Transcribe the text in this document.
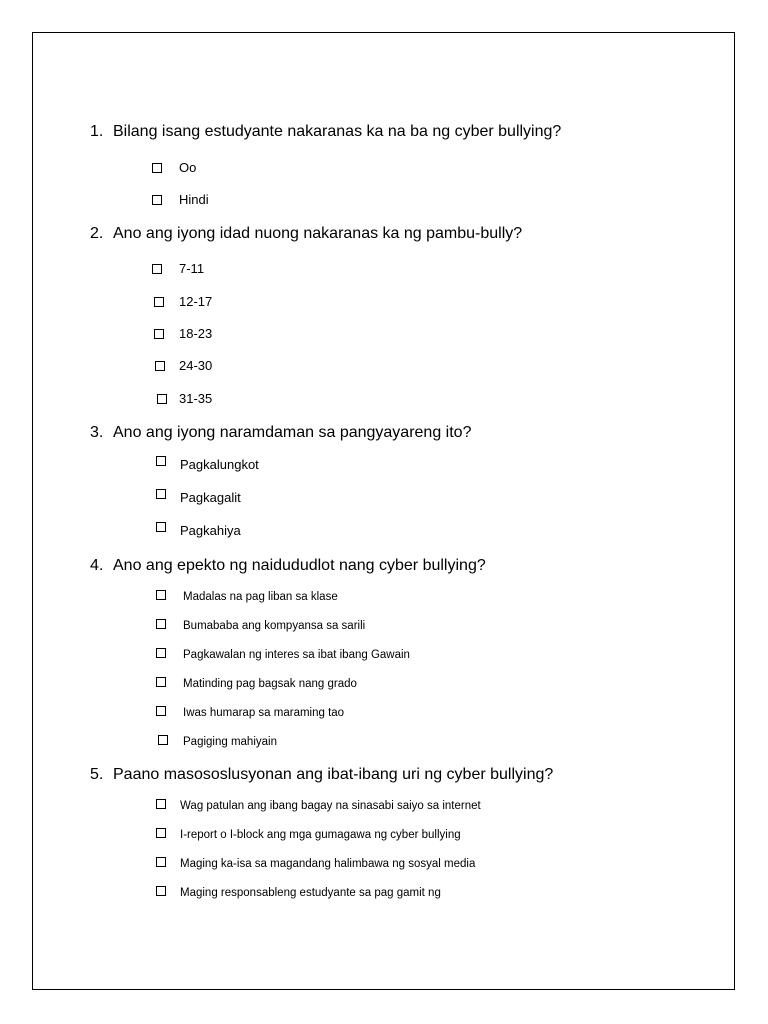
1. Bilang isang estudyante nakaranas ka na ba ng cyber bullying?
Oo
Hindi
2. Ano ang iyong idad nuong nakaranas ka ng pambu-bully?
7-11
12-17
18-23
24-30
31-35
3. Ano ang iyong naramdaman sa pangyayareng ito?
Pagkalungkot
Pagkagalit
Pagkahiya
4. Ano ang epekto ng naidududlot nang cyber bullying?
Madalas na pag liban sa klase
Bumababa ang kompyansa sa sarili
Pagkawalan ng interes sa ibat ibang Gawain
Matinding pag bagsak nang grado
Iwas humarap sa maraming tao
Pagiging mahiyain
5. Paano masososlusyonan ang ibat-ibang uri ng cyber bullying?
Wag patulan ang ibang bagay na sinasabi saiyo sa internet
I-report o I-block ang mga gumagawa ng cyber bullying
Maging ka-isa sa magandang halimbawa ng sosyal media
Maging responsableng estudyante sa pag gamit ng
